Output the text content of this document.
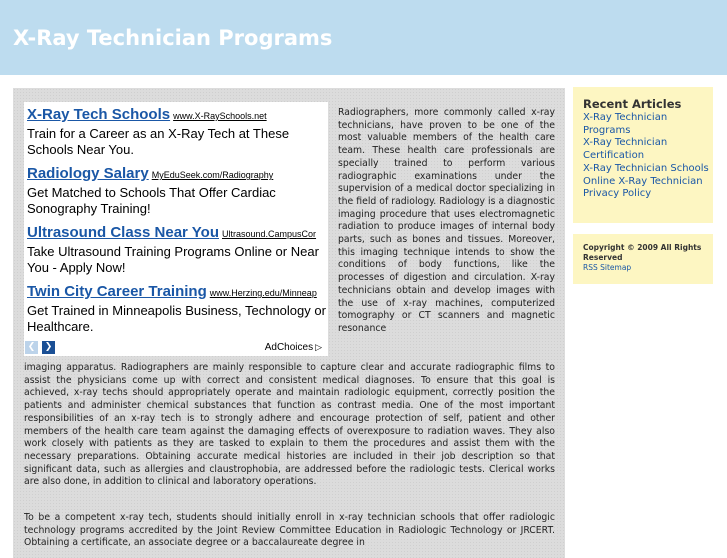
X-Ray Technician Programs
X-Ray Tech Schools www.X-RaySchools.net
Train for a Career as an X-Ray Tech at These Schools Near You.
Radiology Salary MyEduSeek.com/Radiography
Get Matched to Schools That Offer Cardiac Sonography Training!
Ultrasound Class Near You Ultrasound.CampusCor
Take Ultrasound Training Programs Online or Near You - Apply Now!
Twin City Career Training www.Herzing.edu/Minneap
Get Trained in Minneapolis Business, Technology or Healthcare.
❮	❯	AdChoices ▷
Radiographers, more commonly called x-ray technicians, have proven to be one of the most valuable members of the health care team. These health care professionals are specially trained to perform various radiographic examinations under the supervision of a medical doctor specializing in the field of radiology. Radiology is a diagnostic imaging procedure that uses electromagnetic radiation to produce images of internal body parts, such as bones and tissues. Moreover, this imaging technique intends to show the conditions of body functions, like the processes of digestion and circulation. X-ray technicians obtain and develop images with the use of x-ray machines, computerized tomography or CT scanners and magnetic resonance
imaging apparatus. Radiographers are mainly responsible to capture clear and accurate radiographic films to assist the physicians come up with correct and consistent medical diagnoses. To ensure that this goal is achieved, x-ray techs should appropriately operate and maintain radiologic equipment, correctly position the patients and administer chemical substances that function as contrast media. One of the most important responsibilities of an x-ray tech is to strongly adhere and encourage protection of self, patient and other members of the health care team against the damaging effects of overexposure to radiation waves. They also work closely with patients as they are tasked to explain to them the procedures and assist them with the necessary preparations. Obtaining accurate medical histories are included in their job description so that significant data, such as allergies and claustrophobia, are addressed before the radiologic tests. Clerical works are also done, in addition to clinical and laboratory operations.
To be a competent x-ray tech, students should initially enroll in x-ray technician schools that offer radiologic technology programs accredited by the Joint Review Committee Education in Radiologic Technology or JRCERT. Obtaining a certificate, an associate degree or a baccalaureate degree in
Recent Articles
X-Ray Technician Programs
X-Ray Technician Certification
X-Ray Technician Schools
Online X-Ray Technician
Privacy Policy
Copyright © 2009 All Rights Reserved
RSS Sitemap
